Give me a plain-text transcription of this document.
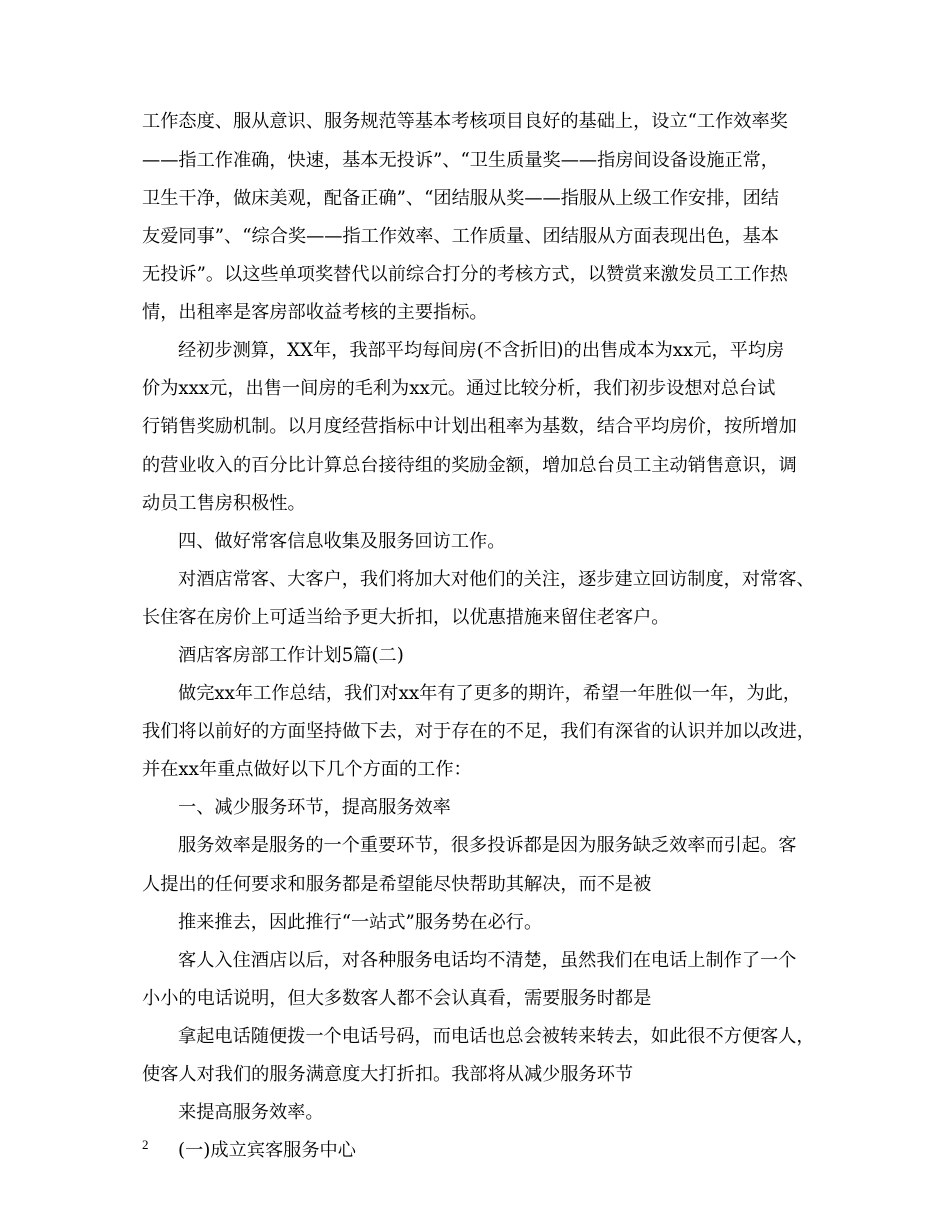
工作态度、服从意识、服务规范等基本考核项目良好的基础上，设立“工作效率奖

——指工作准确，快速，基本无投诉”、“卫生质量奖——指房间设备设施正常，

卫生干净，做床美观，配备正确”、“团结服从奖——指服从上级工作安排，团结

友爱同事”、“综合奖——指工作效率、工作质量、团结服从方面表现出色，基本

无投诉”。以这些单项奖替代以前综合打分的考核方式，以赞赏来激发员工工作热

情，出租率是客房部收益考核的主要指标。

经初步测算，XX年，我部平均每间房(不含折旧)的出售成本为xx元，平均房

价为xxx元，出售一间房的毛利为xx元。通过比较分析，我们初步设想对总台试

行销售奖励机制。以月度经营指标中计划出租率为基数，结合平均房价，按所增加

的营业收入的百分比计算总台接待组的奖励金额，增加总台员工主动销售意识，调

动员工售房积极性。

四、做好常客信息收集及服务回访工作。

对酒店常客、大客户，我们将加大对他们的关注，逐步建立回访制度，对常客、

长住客在房价上可适当给予更大折扣，以优惠措施来留住老客户。

酒店客房部工作计划5篇(二)

做完xx年工作总结，我们对xx年有了更多的期许，希望一年胜似一年，为此，

我们将以前好的方面坚持做下去，对于存在的不足，我们有深省的认识并加以改进，

并在xx年重点做好以下几个方面的工作：

一、减少服务环节，提高服务效率

服务效率是服务的一个重要环节，很多投诉都是因为服务缺乏效率而引起。客

人提出的任何要求和服务都是希望能尽快帮助其解决，而不是被

推来推去，因此推行“一站式”服务势在必行。

客人入住酒店以后，对各种服务电话均不清楚，虽然我们在电话上制作了一个

小小的电话说明，但大多数客人都不会认真看，需要服务时都是

拿起电话随便拨一个电话号码，而电话也总会被转来转去，如此很不方便客人，

使客人对我们的服务满意度大打折扣。我部将从减少服务环节

来提高服务效率。

(一)成立宾客服务中心

2
